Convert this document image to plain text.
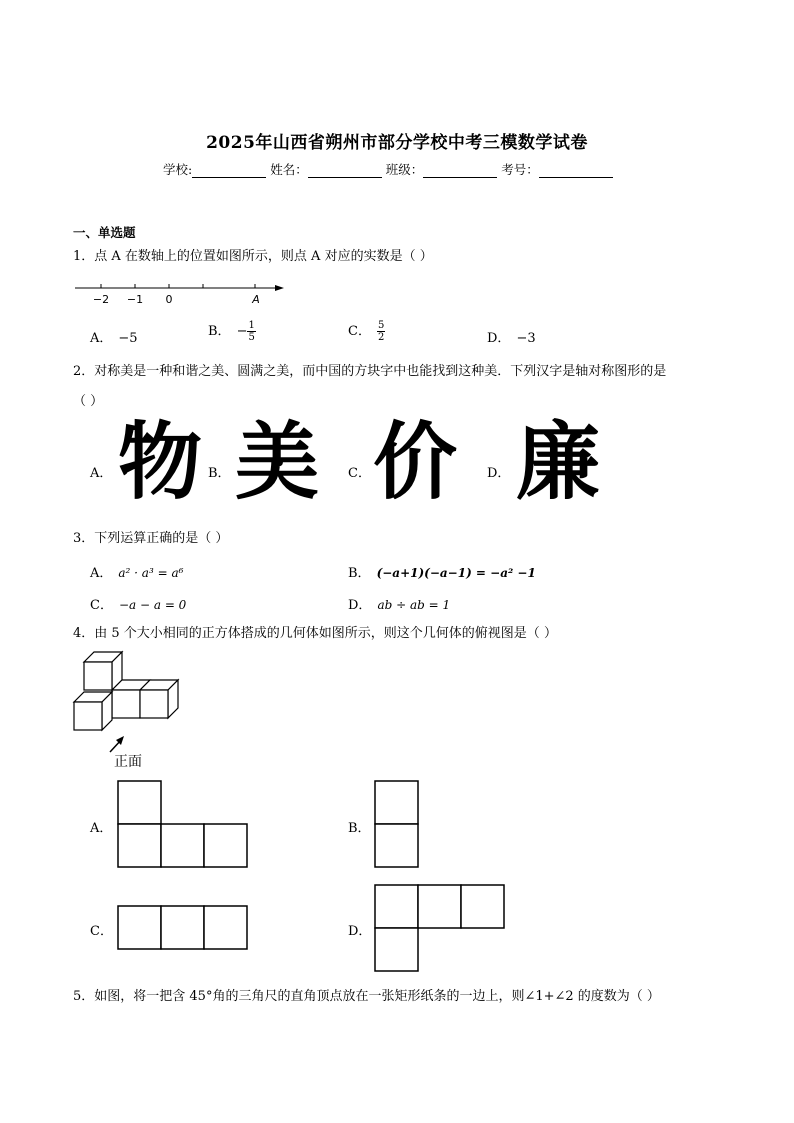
2025年山西省朔州市部分学校中考三模数学试卷
学校:	姓名：	班级：	考号：
一、单选题
1．点 A 在数轴上的位置如图所示，则点 A 对应的实数是（ ）
−2 −1 0	A
A． −5	B． − $\frac{1}{5}$	C． $\frac{5}{2}$	D． −3
2．对称美是一种和谐之美、圆满之美，而中国的方块字中也能找到这种美．下列汉字是轴对称图形的是
（ ）
A． 物 B． 美 C． 价 D． 廉
3．下列运算正确的是（ ）
A． a² · a³ = a⁶	B． (−a+1)(−a−1) = −a² −1
C． −a − a = 0	D． ab ÷ ab = 1
4．由 5 个大小相同的正方体搭成的几何体如图所示，则这个几何体的俯视图是（ ）
正面
A．	B．
C．	D．
5．如图，将一把含 45°角的三角尺的直角顶点放在一张矩形纸条的一边上，则∠1+∠2 的度数为（ ）
